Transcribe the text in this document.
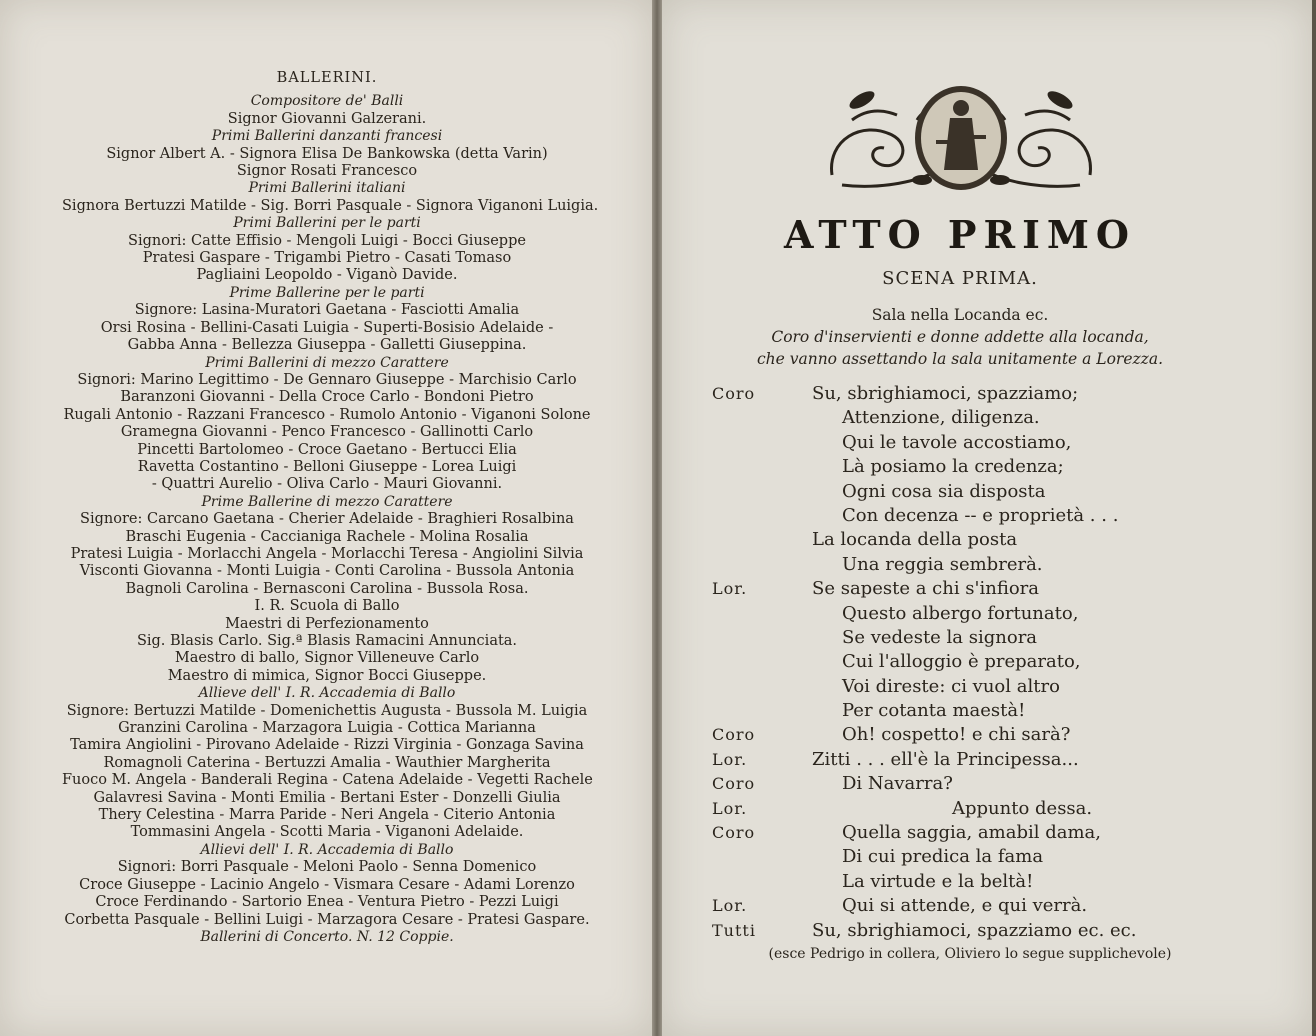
BALLERINI.
Compositore de' Balli
Signor Giovanni Galzerani.
Primi Ballerini danzanti francesi
Signor Albert A. - Signora Elisa De Bankowska (detta Varin)
Signor Rosati Francesco
Primi Ballerini italiani
Signora Bertuzzi Matilde - Sig. Borri Pasquale - Signora Viganoni Luigia.
Primi Ballerini per le parti
Signori: Catte Effisio - Mengoli Luigi - Bocci Giuseppe
Pratesi Gaspare - Trigambi Pietro - Casati Tomaso
Pagliaini Leopoldo - Viganò Davide.
Prime Ballerine per le parti
Signore: Lasina-Muratori Gaetana - Fasciotti Amalia
Orsi Rosina - Bellini-Casati Luigia - Superti-Bosisio Adelaide -
Gabba Anna - Bellezza Giuseppa - Galletti Giuseppina.
Primi Ballerini di mezzo Carattere
Signori: Marino Legittimo - De Gennaro Giuseppe - Marchisio Carlo
Baranzoni Giovanni - Della Croce Carlo - Bondoni Pietro
Rugali Antonio - Razzani Francesco - Rumolo Antonio - Viganoni Solone
Gramegna Giovanni - Penco Francesco - Gallinotti Carlo
Pincetti Bartolomeo - Croce Gaetano - Bertucci Elia
Ravetta Costantino - Belloni Giuseppe - Lorea Luigi
- Quattri Aurelio - Oliva Carlo - Mauri Giovanni.
Prime Ballerine di mezzo Carattere
Signore: Carcano Gaetana - Cherier Adelaide - Braghieri Rosalbina
Braschi Eugenia - Caccianiga Rachele - Molina Rosalia
Pratesi Luigia - Morlacchi Angela - Morlacchi Teresa - Angiolini Silvia
Visconti Giovanna - Monti Luigia - Conti Carolina - Bussola Antonia
Bagnoli Carolina - Bernasconi Carolina - Bussola Rosa.
I. R. Scuola di Ballo
Maestri di Perfezionamento
Sig. Blasis Carlo. Sig.ª Blasis Ramacini Annunciata.
Maestro di ballo, Signor Villeneuve Carlo
Maestro di mimica, Signor Bocci Giuseppe.
Allieve dell' I. R. Accademia di Ballo
Signore: Bertuzzi Matilde - Domenichettis Augusta - Bussola M. Luigia
Granzini Carolina - Marzagora Luigia - Cottica Marianna
Tamira Angiolini - Pirovano Adelaide - Rizzi Virginia - Gonzaga Savina
Romagnoli Caterina - Bertuzzi Amalia - Wauthier Margherita
Fuoco M. Angela - Banderali Regina - Catena Adelaide - Vegetti Rachele
Galavresi Savina - Monti Emilia - Bertani Ester - Donzelli Giulia
Thery Celestina - Marra Paride - Neri Angela - Citerio Antonia
Tommasini Angela - Scotti Maria - Viganoni Adelaide.
Allievi dell' I. R. Accademia di Ballo
Signori: Borri Pasquale - Meloni Paolo - Senna Domenico
Croce Giuseppe - Lacinio Angelo - Vismara Cesare - Adami Lorenzo
Croce Ferdinando - Sartorio Enea - Ventura Pietro - Pezzi Luigi
Corbetta Pasquale - Bellini Luigi - Marzagora Cesare - Pratesi Gaspare.
Ballerini di Concerto. N. 12 Coppie.
ATTO PRIMO
SCENA PRIMA.
Sala nella Locanda ec.
Coro d'inservienti e donne addette alla locanda,
che vanno assettando la sala unitamente a Lorezza.
Coro	Su, sbrighiamoci, spazziamo;
Attenzione, diligenza.
Qui le tavole accostiamo,
Là posiamo la credenza;
Ogni cosa sia disposta
Con decenza -- e proprietà . . .
La locanda della posta
Una reggia sembrerà.
Lor.	Se sapeste a chi s'infiora
Questo albergo fortunato,
Se vedeste la signora
Cui l'alloggio è preparato,
Voi direste: ci vuol altro
Per cotanta maestà!
Coro	Oh! cospetto! e chi sarà?
Lor.	Zitti . . . ell'è la Principessa...
Coro	Di Navarra?
Lor.	Appunto dessa.
Coro	Quella saggia, amabil dama,
Di cui predica la fama
La virtude e la beltà!
Lor.	Qui si attende, e qui verrà.
Tutti	Su, sbrighiamoci, spazziamo ec. ec.
(esce Pedrigo in collera, Oliviero lo segue supplichevole)
